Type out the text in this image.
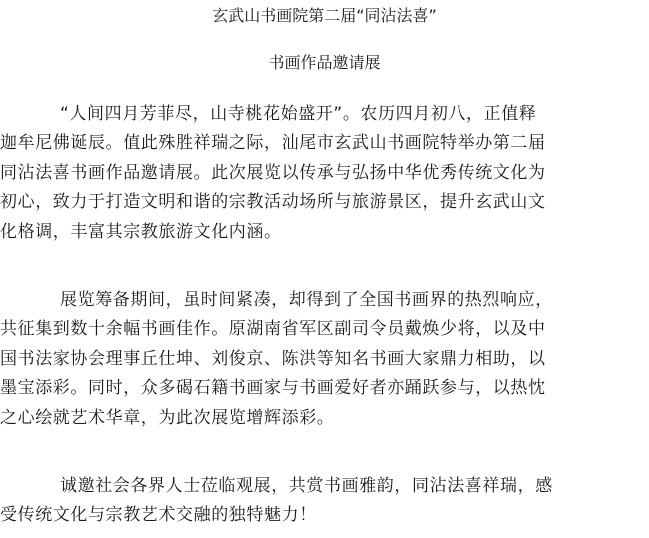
玄武山书画院第二届“同沾法喜”
书画作品邀请展
“人间四月芳菲尽，山寺桃花始盛开”。农历四月初八，正值释
迦牟尼佛诞辰。值此殊胜祥瑞之际，汕尾市玄武山书画院特举办第二届
同沾法喜书画作品邀请展。此次展览以传承与弘扬中华优秀传统文化为
初心，致力于打造文明和谐的宗教活动场所与旅游景区，提升玄武山文
化格调，丰富其宗教旅游文化内涵。
展览筹备期间，虽时间紧凑，却得到了全国书画界的热烈响应，
共征集到数十余幅书画佳作。原湖南省军区副司令员戴焕少将，以及中
国书法家协会理事丘仕坤、刘俊京、陈洪等知名书画大家鼎力相助，以
墨宝添彩。同时，众多碣石籍书画家与书画爱好者亦踊跃参与，以热忱
之心绘就艺术华章，为此次展览增辉添彩。
诚邀社会各界人士莅临观展，共赏书画雅韵，同沾法喜祥瑞，感
受传统文化与宗教艺术交融的独特魅力！
